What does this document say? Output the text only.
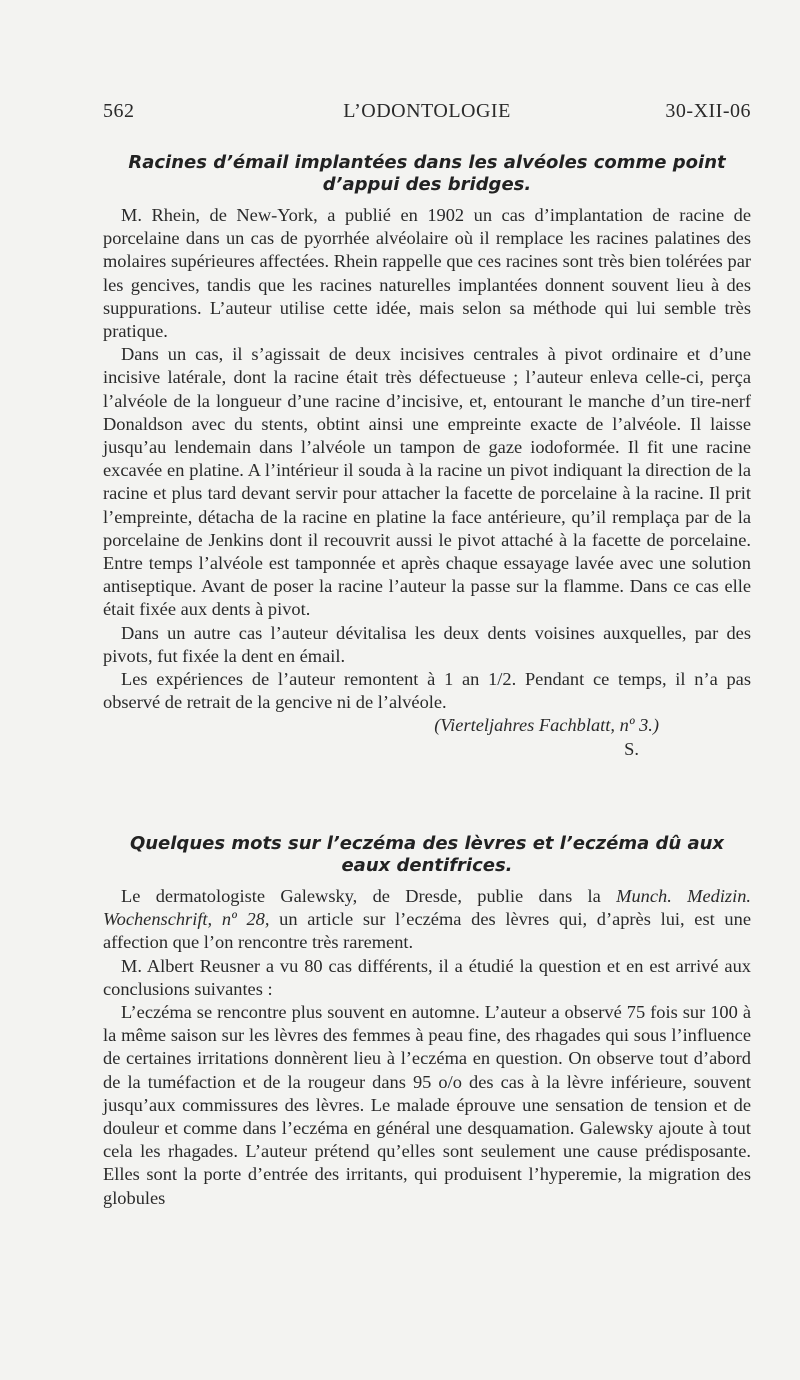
562	L’ODONTOLOGIE	30-XII-06
Racines d’émail implantées dans les alvéoles comme point d’appui des bridges.

M. Rhein, de New-York, a publié en 1902 un cas d’implantation de racine de porcelaine dans un cas de pyorrhée alvéolaire où il remplace les racines palatines des molaires supérieures affectées. Rhein rappelle que ces racines sont très bien tolérées par les gencives, tandis que les racines naturelles implantées donnent souvent lieu à des suppurations. L’auteur utilise cette idée, mais selon sa méthode qui lui semble très pratique.

Dans un cas, il s’agissait de deux incisives centrales à pivot ordinaire et d’une incisive latérale, dont la racine était très défectueuse ; l’auteur enleva celle-ci, perça l’alvéole de la longueur d’une racine d’incisive, et, entourant le manche d’un tire-nerf Donaldson avec du stents, obtint ainsi une empreinte exacte de l’alvéole. Il laisse jusqu’au lendemain dans l’alvéole un tampon de gaze iodoformée. Il fit une racine excavée en platine. A l’intérieur il souda à la racine un pivot indiquant la direction de la racine et plus tard devant servir pour attacher la facette de porcelaine à la racine. Il prit l’empreinte, détacha de la racine en platine la face antérieure, qu’il remplaça par de la porcelaine de Jenkins dont il recouvrit aussi le pivot attaché à la facette de porcelaine. Entre temps l’alvéole est tamponnée et après chaque essayage lavée avec une solution antiseptique. Avant de poser la racine l’auteur la passe sur la flamme. Dans ce cas elle était fixée aux dents à pivot.

Dans un autre cas l’auteur dévitalisa les deux dents voisines auxquelles, par des pivots, fut fixée la dent en émail.

Les expériences de l’auteur remontent à 1 an 1/2. Pendant ce temps, il n’a pas observé de retrait de la gencive ni de l’alvéole.

(Vierteljahres Fachblatt, nº 3.)

S.

Quelques mots sur l’eczéma des lèvres et l’eczéma dû aux eaux dentifrices.

Le dermatologiste Galewsky, de Dresde, publie dans la Munch. Medizin. Wochenschrift, nº 28, un article sur l’eczéma des lèvres qui, d’après lui, est une affection que l’on rencontre très rarement.

M. Albert Reusner a vu 80 cas différents, il a étudié la question et en est arrivé aux conclusions suivantes :

L’eczéma se rencontre plus souvent en automne. L’auteur a observé 75 fois sur 100 à la même saison sur les lèvres des femmes à peau fine, des rhagades qui sous l’influence de certaines irritations donnèrent lieu à l’eczéma en question. On observe tout d’abord de la tuméfaction et de la rougeur dans 95 o/o des cas à la lèvre inférieure, souvent jusqu’aux commissures des lèvres. Le malade éprouve une sensation de tension et de douleur et comme dans l’eczéma en général une desquamation. Galewsky ajoute à tout cela les rhagades. L’auteur prétend qu’elles sont seulement une cause prédisposante. Elles sont la porte d’entrée des irritants, qui produisent l’hyperemie, la migration des globules
